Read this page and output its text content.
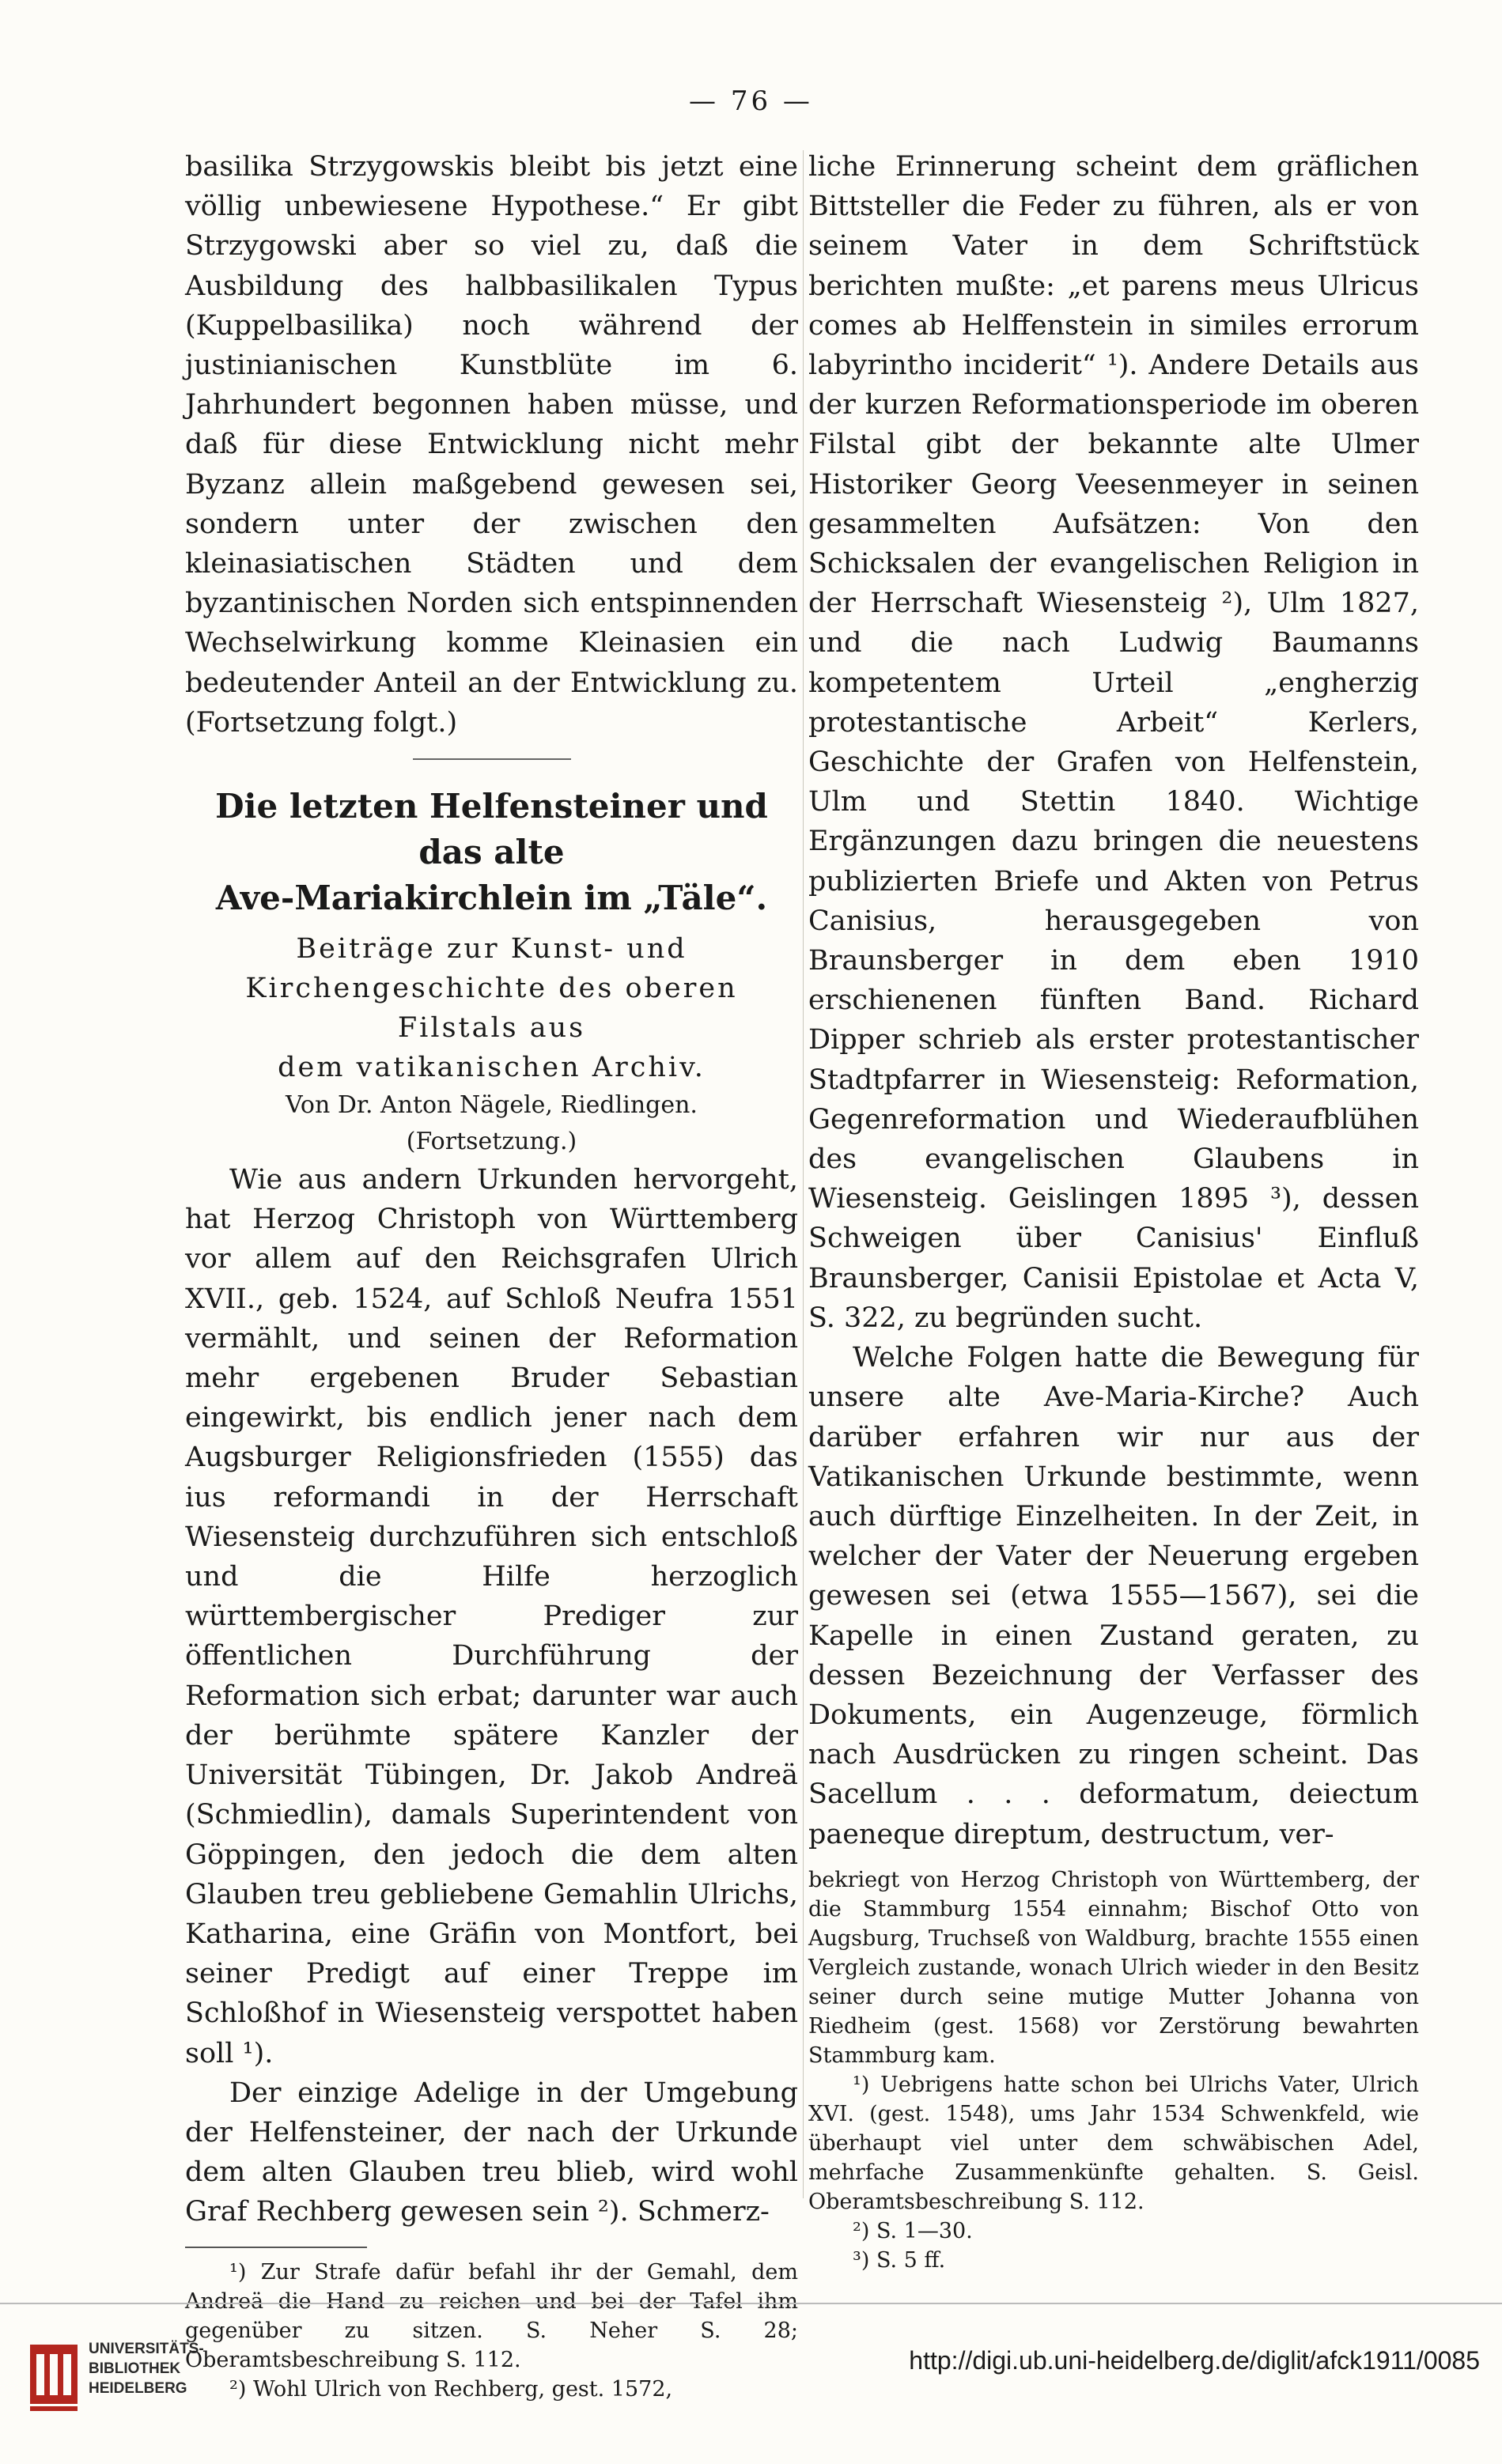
— 76 —

basilika Strzygowskis bleibt bis jetzt eine völlig unbewiesene Hypothese.“ Er gibt Strzygowski aber so viel zu, daß die Ausbildung des halbbasilikalen Typus (Kuppelbasilika) noch während der justinianischen Kunstblüte im 6. Jahrhundert begonnen haben müsse, und daß für diese Entwicklung nicht mehr Byzanz allein maßgebend gewesen sei, sondern unter der zwischen den kleinasiatischen Städten und dem byzantinischen Norden sich entspinnenden Wechselwirkung komme Kleinasien ein bedeutender Anteil an der Entwicklung zu. (Fortsetzung folgt.)

Die letzten Helfensteiner und das alte
Ave-Mariakirchlein im „Täle“.

Beiträge zur Kunst- und Kirchengeschichte des oberen Filstals aus

dem vatikanischen Archiv.

Von Dr. Anton Nägele, Riedlingen.

(Fortsetzung.)

Wie aus andern Urkunden hervorgeht, hat Herzog Christoph von Württemberg vor allem auf den Reichsgrafen Ulrich XVII., geb. 1524, auf Schloß Neufra 1551 vermählt, und seinen der Reformation mehr ergebenen Bruder Sebastian eingewirkt, bis endlich jener nach dem Augsburger Religionsfrieden (1555) das ius reformandi in der Herrschaft Wiesensteig durchzuführen sich entschloß und die Hilfe herzoglich württembergischer Prediger zur öffentlichen Durchführung der Reformation sich erbat; darunter war auch der berühmte spätere Kanzler der Universität Tübingen, Dr. Jakob Andreä (Schmiedlin), damals Superintendent von Göppingen, den jedoch die dem alten Glauben treu gebliebene Gemahlin Ulrichs, Katharina, eine Gräfin von Montfort, bei seiner Predigt auf einer Treppe im Schloßhof in Wiesensteig verspottet haben soll ¹).

Der einzige Adelige in der Umgebung der Helfensteiner, der nach der Urkunde dem alten Glauben treu blieb, wird wohl Graf Rechberg gewesen sein ²). Schmerz-

¹) Zur Strafe dafür befahl ihr der Gemahl, dem Andreä die Hand zu reichen und bei der Tafel ihm gegenüber zu sitzen. S. Neher S. 28; Oberamtsbeschreibung S. 112.

²) Wohl Ulrich von Rechberg, gest. 1572,

liche Erinnerung scheint dem gräflichen Bittsteller die Feder zu führen, als er von seinem Vater in dem Schriftstück berichten mußte: „et parens meus Ulricus comes ab Helffenstein in similes errorum labyrintho inciderit“ ¹). Andere Details aus der kurzen Reformationsperiode im oberen Filstal gibt der bekannte alte Ulmer Historiker Georg Veesenmeyer in seinen gesammelten Aufsätzen: Von den Schicksalen der evangelischen Religion in der Herrschaft Wiesensteig ²), Ulm 1827, und die nach Ludwig Baumanns kompetentem Urteil „engherzig protestantische Arbeit“ Kerlers, Geschichte der Grafen von Helfenstein, Ulm und Stettin 1840. Wichtige Ergänzungen dazu bringen die neuestens publizierten Briefe und Akten von Petrus Canisius, herausgegeben von Braunsberger in dem eben 1910 erschienenen fünften Band. Richard Dipper schrieb als erster protestantischer Stadtpfarrer in Wiesensteig: Reformation, Gegenreformation und Wiederaufblühen des evangelischen Glaubens in Wiesensteig. Geislingen 1895 ³), dessen Schweigen über Canisius' Einfluß Braunsberger, Canisii Epistolae et Acta V, S. 322, zu begründen sucht.

Welche Folgen hatte die Bewegung für unsere alte Ave-Maria-Kirche? Auch darüber erfahren wir nur aus der Vatikanischen Urkunde bestimmte, wenn auch dürftige Einzelheiten. In der Zeit, in welcher der Vater der Neuerung ergeben gewesen sei (etwa 1555—1567), sei die Kapelle in einen Zustand geraten, zu dessen Bezeichnung der Verfasser des Dokuments, ein Augenzeuge, förmlich nach Ausdrücken zu ringen scheint. Das Sacellum . . . deformatum, deiectum paeneque direptum, destructum, ver-

bekriegt von Herzog Christoph von Württemberg, der die Stammburg 1554 einnahm; Bischof Otto von Augsburg, Truchseß von Waldburg, brachte 1555 einen Vergleich zustande, wonach Ulrich wieder in den Besitz seiner durch seine mutige Mutter Johanna von Riedheim (gest. 1568) vor Zerstörung bewahrten Stammburg kam.

¹) Uebrigens hatte schon bei Ulrichs Vater, Ulrich XVI. (gest. 1548), ums Jahr 1534 Schwenkfeld, wie überhaupt viel unter dem schwäbischen Adel, mehrfache Zusammenkünfte gehalten. S. Geisl. Oberamtsbeschreibung S. 112.

²) S. 1—30.

³) S. 5 ff.

UNIVERSITÄTS-
BIBLIOTHEK
HEIDELBERG
http://digi.ub.uni-heidelberg.de/diglit/afck1911/0085
